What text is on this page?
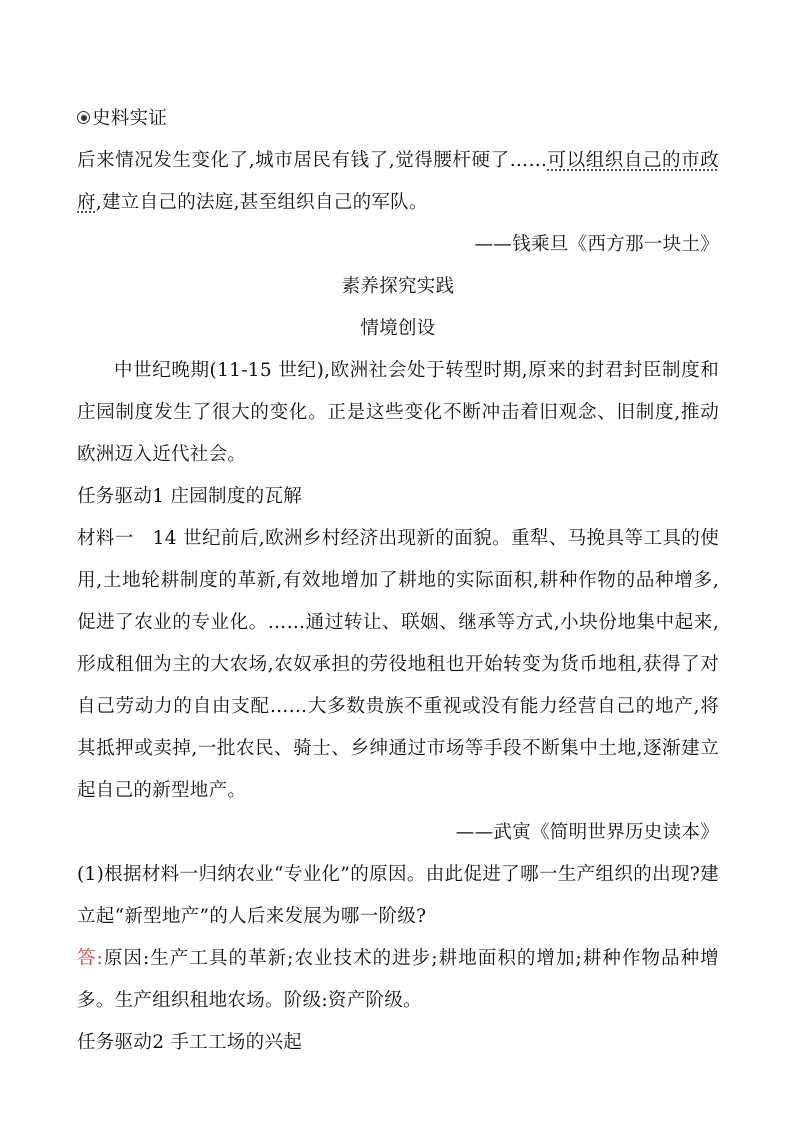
史料实证
后来情况发生变化了,城市居民有钱了,觉得腰杆硬了……可以组织自己的市政府,建立自己的法庭,甚至组织自己的军队。
——钱乘旦《西方那一块土》
素养探究实践
情境创设
中世纪晚期(11-15 世纪),欧洲社会处于转型时期,原来的封君封臣制度和庄园制度发生了很大的变化。正是这些变化不断冲击着旧观念、旧制度,推动欧洲迈入近代社会。
任务驱动1 庄园制度的瓦解
材料一　14 世纪前后,欧洲乡村经济出现新的面貌。重犁、马挽具等工具的使用,土地轮耕制度的革新,有效地增加了耕地的实际面积,耕种作物的品种增多,促进了农业的专业化。……通过转让、联姻、继承等方式,小块份地集中起来,形成租佃为主的大农场,农奴承担的劳役地租也开始转变为货币地租,获得了对自己劳动力的自由支配……大多数贵族不重视或没有能力经营自己的地产,将其抵押或卖掉,一批农民、骑士、乡绅通过市场等手段不断集中土地,逐渐建立起自己的新型地产。
——武寅《简明世界历史读本》
(1)根据材料一归纳农业“专业化”的原因。由此促进了哪一生产组织的出现?建立起“新型地产”的人后来发展为哪一阶级?
答:原因:生产工具的革新;农业技术的进步;耕地面积的增加;耕种作物品种增多。生产组织租地农场。阶级:资产阶级。
任务驱动2 手工工场的兴起
